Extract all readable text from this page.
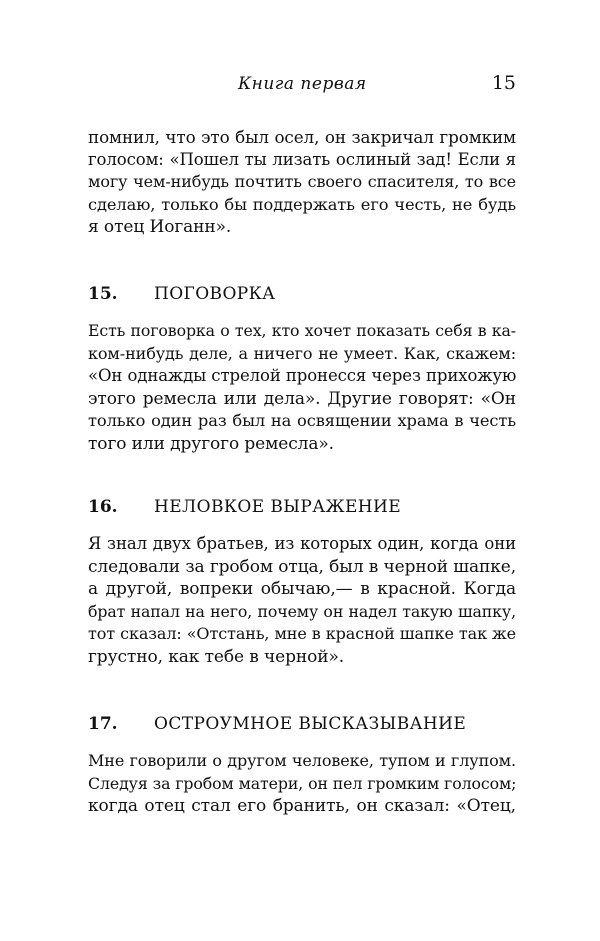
Книга первая	15

помнил, что это был осел, он закричал громким
голосом: «Пошел ты лизать ослиный зад! Если я
могу чем-нибудь почтить своего спасителя, то все
сделаю, только бы поддержать его честь, не будь
я отец Иоганн».

15. ПОГОВОРКА

Есть поговорка о тех, кто хочет показать себя в ка-
ком-нибудь деле, а ничего не умеет. Как, скажем:
«Он однажды стрелой пронесся через прихожую
этого ремесла или дела». Другие говорят: «Он
только один раз был на освящении храма в честь
того или другого ремесла».

16. НЕЛОВКОЕ ВЫРАЖЕНИЕ

Я знал двух братьев, из которых один, когда они
следовали за гробом отца, был в черной шапке,
а другой, вопреки обычаю,— в красной. Когда
брат напал на него, почему он надел такую шапку,
тот сказал: «Отстань, мне в красной шапке так же
грустно, как тебе в черной».

17. ОСТРОУМНОЕ ВЫСКАЗЫВАНИЕ

Мне говорили о другом человеке, тупом и глупом.
Следуя за гробом матери, он пел громким голосом;
когда отец стал его бранить, он сказал: «Отец,
